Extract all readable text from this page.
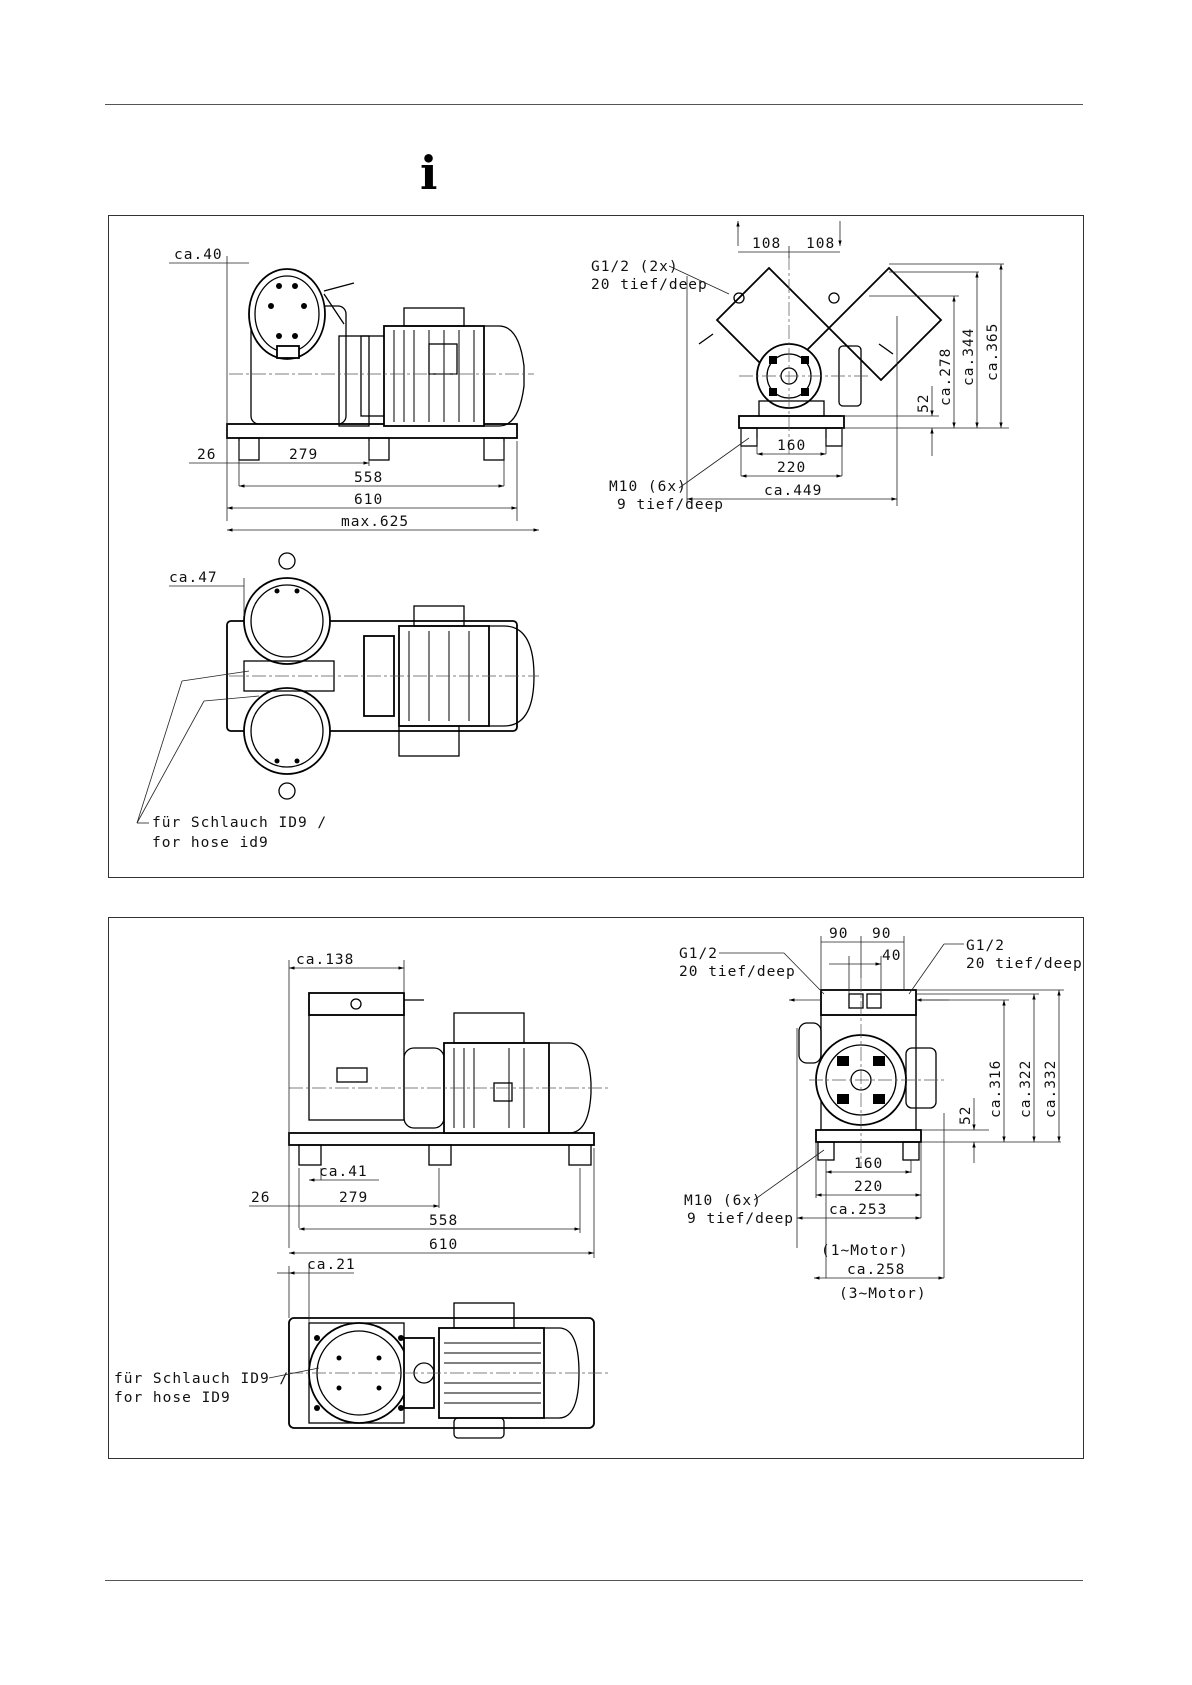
i
ca.40
26	279
558
610
max.625
108 108
G1/2 (2x)
20 tief/deep
160
220
ca.449
M10 (6x)
9 tief/deep
52 ca.278 ca.344 ca.365
ca.47
für Schlauch ID9 /
for hose id9
ca.138
ca.41
26	279
558
610
90 90
40
G1/2
20 tief/deep
G1/2
20 tief/deep
M10 (6x)
9 tief/deep
160
220
ca.253
(1~Motor)
ca.258
(3~Motor)
52 ca.316 ca.322 ca.332
ca.21
für Schlauch ID9 /
for hose ID9
